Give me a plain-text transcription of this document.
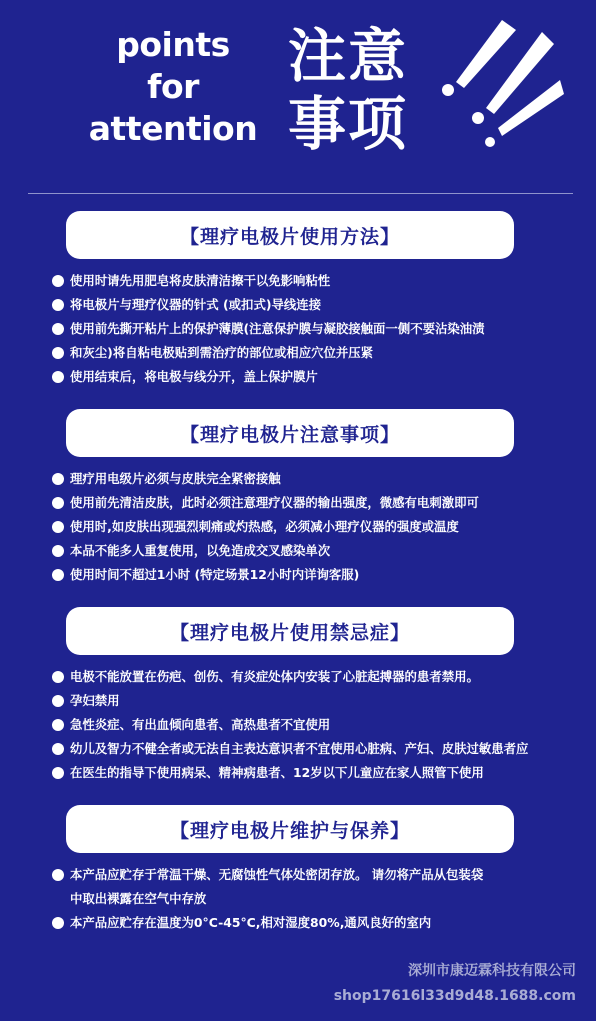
points
for
attention
注意
事项
【理疗电极片使用方法】
使用时请先用肥皂将皮肤清洁擦干以免影响粘性
将电极片与理疗仪器的针式 (或扣式)导线连接
使用前先撕开粘片上的保护薄膜(注意保护膜与凝胶接触面一侧不要沾染油渍
和灰尘)将自粘电极贴到需治疗的部位或相应穴位并压紧
使用结束后，将电极与线分开，盖上保护膜片
【理疗电极片注意事项】
理疗用电级片必须与皮肤完全紧密接触
使用前先清洁皮肤，此时必须注意理疗仪器的输出强度，微感有电刺激即可
使用时,如皮肤出现强烈刺痛或灼热感，必须减小理疗仪器的强度或温度
本品不能多人重复使用，以免造成交叉感染单次
使用时间不超过1小时 (特定场景12小时内详询客服)
【理疗电极片使用禁忌症】
电极不能放置在伤疤、创伤、有炎症处体内安装了心脏起搏器的患者禁用。
孕妇禁用
急性炎症、有出血倾向患者、高热患者不宜使用
幼儿及智力不健全者或无法自主表达意识者不宜使用心脏病、产妇、皮肤过敏患者应
在医生的指导下使用病呆、精神病患者、12岁以下儿童应在家人照管下使用
【理疗电极片维护与保养】
本产品应贮存于常温干燥、无腐蚀性气体处密闭存放。 请勿将产品从包装袋
中取出裸露在空气中存放
本产品应贮存在温度为0°C-45°C,相对湿度80%,通风良好的室内
深圳市康迈霖科技有限公司
shop17616l33d9d48.1688.com
